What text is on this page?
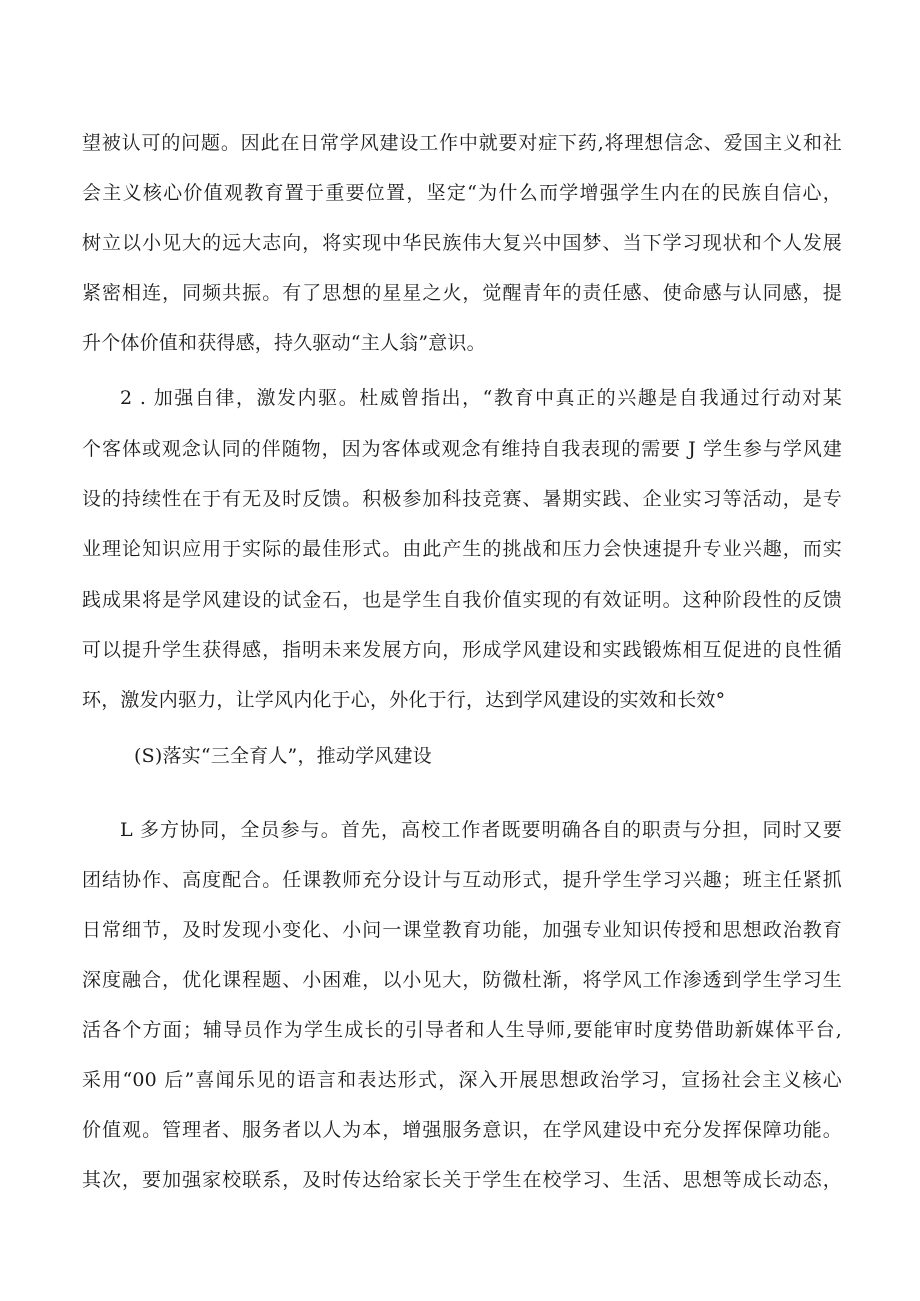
望被认可的问题。因此在日常学风建设工作中就要对症下药,将理想信念、爱国主义和社
会主义核心价值观教育置于重要位置，坚定“为什么而学增强学生内在的民族自信心，
树立以小见大的远大志向，将实现中华民族伟大复兴中国梦、当下学习现状和个人发展
紧密相连，同频共振。有了思想的星星之火，觉醒青年的责任感、使命感与认同感，提
升个体价值和获得感，持久驱动“主人翁”意识。
2 . 加强自律，激发内驱。杜威曾指出，“教育中真正的兴趣是自我通过行动对某
个客体或观念认同的伴随物，因为客体或观念有维持自我表现的需要 J 学生参与学风建
设的持续性在于有无及时反馈。积极参加科技竞赛、暑期实践、企业实习等活动，是专
业理论知识应用于实际的最佳形式。由此产生的挑战和压力会快速提升专业兴趣，而实
践成果将是学风建设的试金石，也是学生自我价值实现的有效证明。这种阶段性的反馈
可以提升学生获得感，指明未来发展方向，形成学风建设和实践锻炼相互促进的良性循
环，激发内驱力，让学风内化于心，外化于行，达到学风建设的实效和长效°
(S)落实“三全育人”，推动学风建设
L 多方协同，全员参与。首先，高校工作者既要明确各自的职责与分担，同时又要
团结协作、高度配合。任课教师充分设计与互动形式，提升学生学习兴趣；班主任紧抓
日常细节，及时发现小变化、小问一课堂教育功能，加强专业知识传授和思想政治教育
深度融合，优化课程题、小困难，以小见大，防微杜渐，将学风工作渗透到学生学习生
活各个方面；辅导员作为学生成长的引导者和人生导师,要能审时度势借助新媒体平台,
采用“00 后”喜闻乐见的语言和表达形式，深入开展思想政治学习，宣扬社会主义核心
价值观。管理者、服务者以人为本，增强服务意识，在学风建设中充分发挥保障功能。
其次，要加强家校联系，及时传达给家长关于学生在校学习、生活、思想等成长动态，
